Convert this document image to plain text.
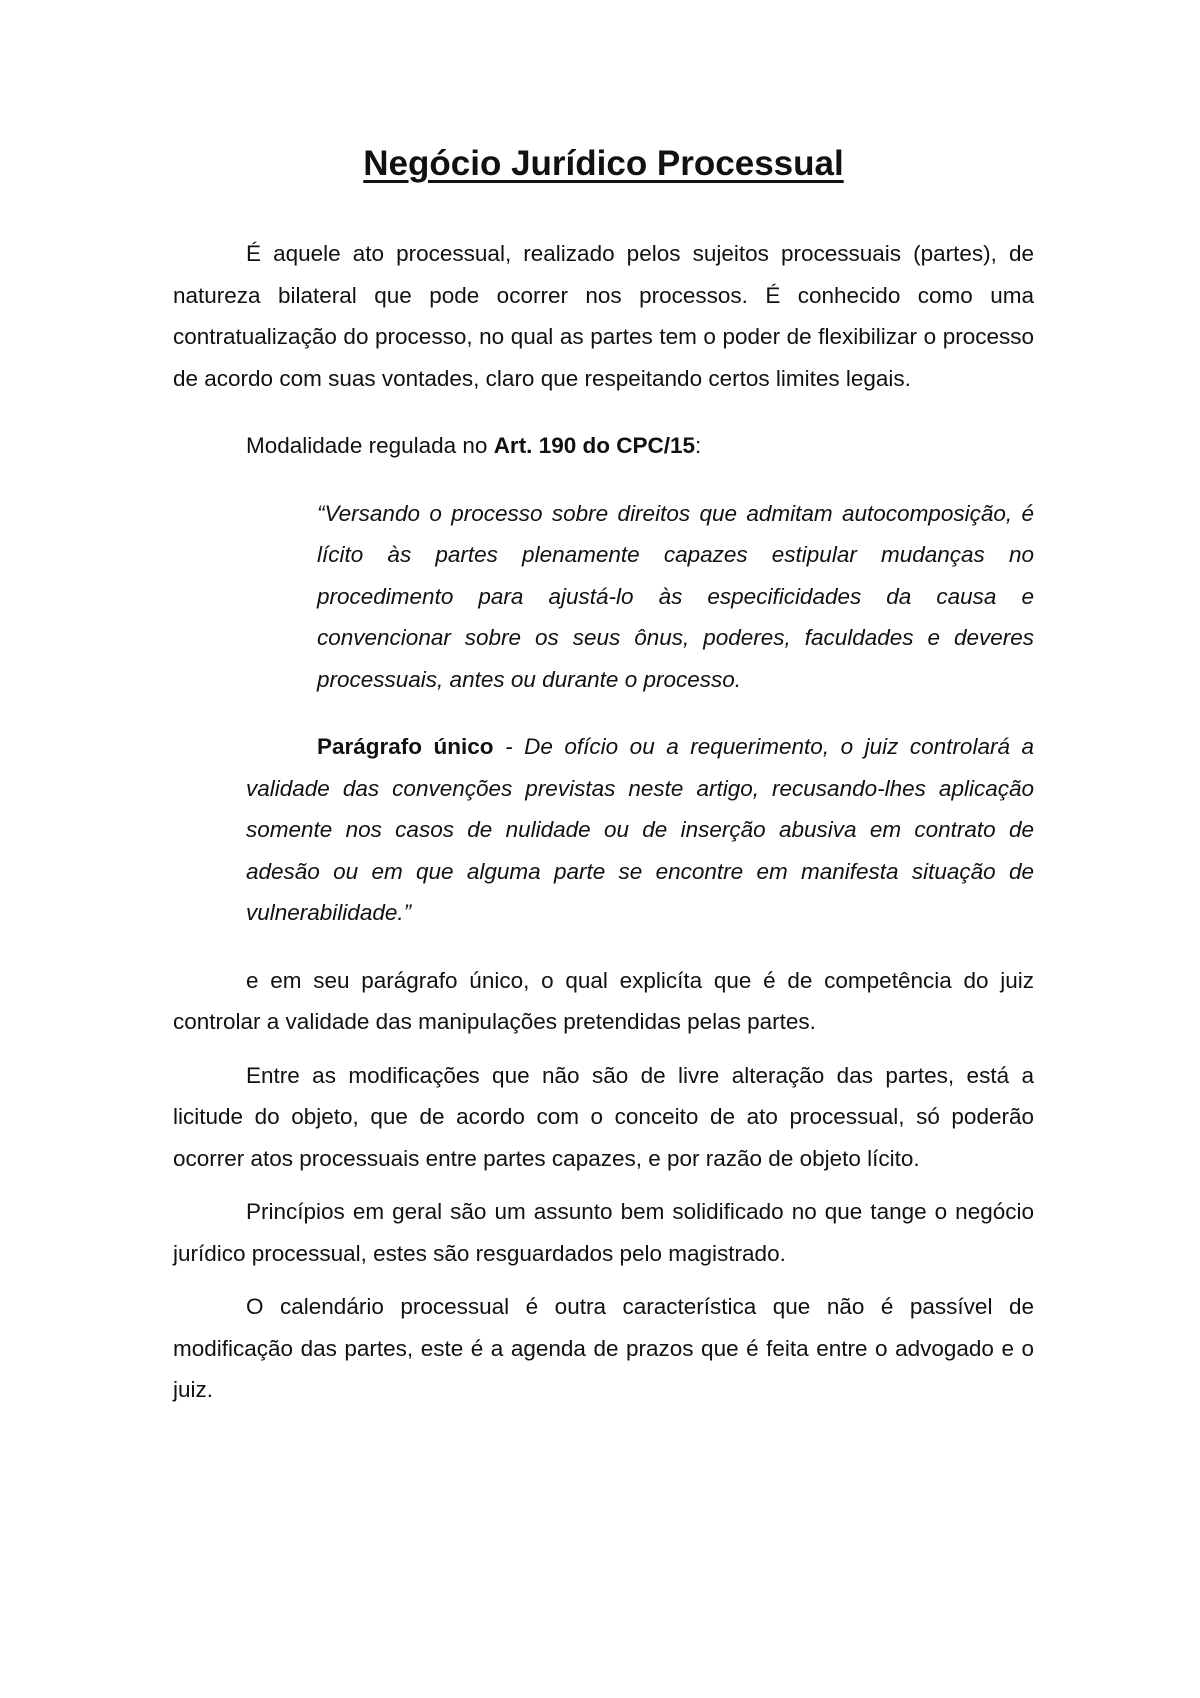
Negócio Jurídico Processual

É aquele ato processual, realizado pelos sujeitos processuais (partes), de natureza bilateral que pode ocorrer nos processos. É conhecido como uma contratualização do processo, no qual as partes tem o poder de flexibilizar o processo de acordo com suas vontades, claro que respeitando certos limites legais.

Modalidade regulada no Art. 190 do CPC/15:

“Versando o processo sobre direitos que admitam autocomposição, é lícito às partes plenamente capazes estipular mudanças no procedimento para ajustá-lo às especificidades da causa e convencionar sobre os seus ônus, poderes, faculdades e deveres processuais, antes ou durante o processo.

Parágrafo único - De ofício ou a requerimento, o juiz controlará a validade das convenções previstas neste artigo, recusando-lhes aplicação somente nos casos de nulidade ou de inserção abusiva em contrato de adesão ou em que alguma parte se encontre em manifesta situação de vulnerabilidade.”

e em seu parágrafo único, o qual explicíta que é de competência do juiz controlar a validade das manipulações pretendidas pelas partes.

Entre as modificações que não são de livre alteração das partes, está a licitude do objeto, que de acordo com o conceito de ato processual, só poderão ocorrer atos processuais entre partes capazes, e por razão de objeto lícito.

Princípios em geral são um assunto bem solidificado no que tange o negócio jurídico processual, estes são resguardados pelo magistrado.

O calendário processual é outra característica que não é passível de modificação das partes, este é a agenda de prazos que é feita entre o advogado e o juiz.
